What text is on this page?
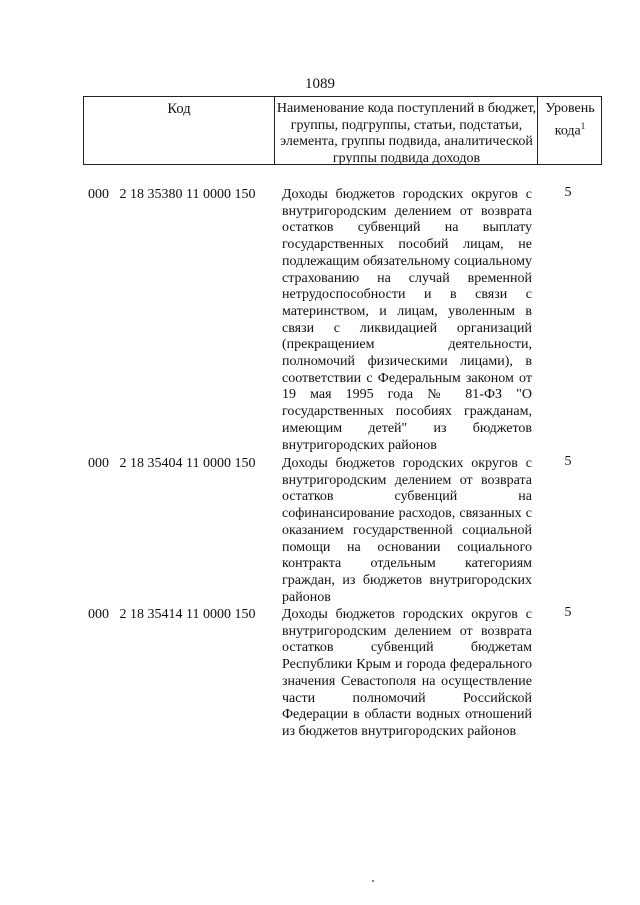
1089
Код	Наименование кода поступлений в бюджет, группы, подгруппы, статьи, подстатьи, элемента, группы подвида, аналитической группы подвида доходов
Уровень кода$^1$
000 2 18 35380 11 0000 150 Доходы бюджетов городских округов с внутригородским делением от возврата остатков субвенций на выплату государственных пособий лицам, не подлежащим обязательному социальному страхованию на случай временной нетрудоспособности и в связи с материнством, и лицам, уволенным в связи с ликвидацией организаций (прекращением деятельности, полномочий физическими лицами), в соответствии с Федеральным законом от 19 мая 1995 года № 81-ФЗ "О государственных пособиях гражданам, имеющим детей" из бюджетов внутригородских районов
5
000 2 18 35404 11 0000 150 Доходы бюджетов городских округов с внутригородским делением от возврата остатков субвенций на софинансирование расходов, связанных с оказанием государственной социальной помощи на основании социального контракта отдельным категориям граждан, из бюджетов внутригородских районов
5
000 2 18 35414 11 0000 150 Доходы бюджетов городских округов с внутригородским делением от возврата остатков субвенций бюджетам Республики Крым и города федерального значения Севастополя на осуществление части полномочий Российской Федерации в области водных отношений из бюджетов внутригородских районов
5
